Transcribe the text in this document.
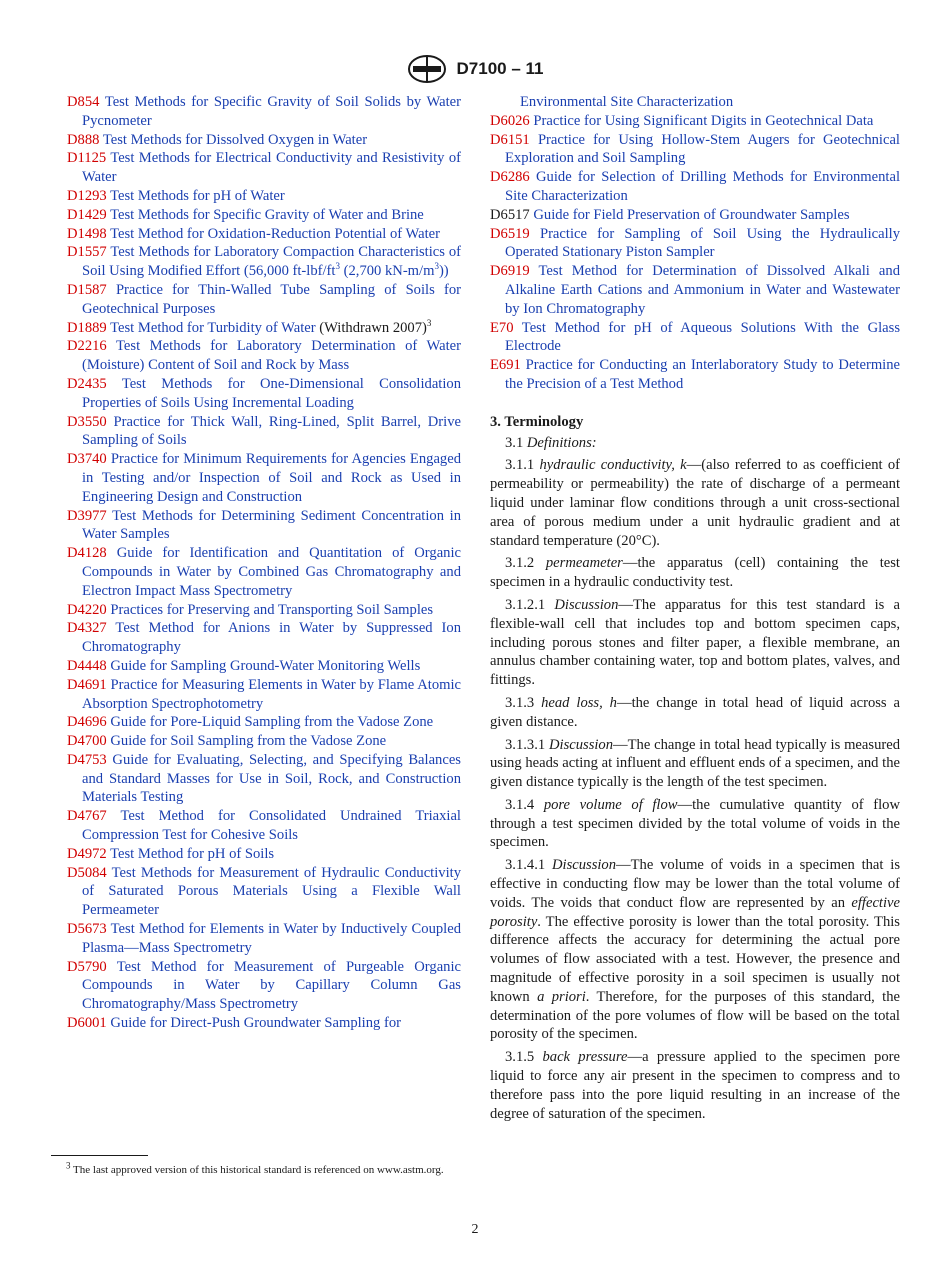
D7100 – 11

D854 Test Methods for Specific Gravity of Soil Solids by Water Pycnometer

D888 Test Methods for Dissolved Oxygen in Water

D1125 Test Methods for Electrical Conductivity and Resistivity of Water

D1293 Test Methods for pH of Water

D1429 Test Methods for Specific Gravity of Water and Brine

D1498 Test Method for Oxidation-Reduction Potential of Water

D1557 Test Methods for Laboratory Compaction Characteristics of Soil Using Modified Effort (56,000 $ft-lbf/ft^3$ (2,700 $kN-m/m^3$))

D1587 Practice for Thin-Walled Tube Sampling of Soils for Geotechnical Purposes

D1889 Test Method for Turbidity of Water (Withdrawn 2007)$^3$

D2216 Test Methods for Laboratory Determination of Water (Moisture) Content of Soil and Rock by Mass

D2435 Test Methods for One-Dimensional Consolidation Properties of Soils Using Incremental Loading

D3550 Practice for Thick Wall, Ring-Lined, Split Barrel, Drive Sampling of Soils

D3740 Practice for Minimum Requirements for Agencies Engaged in Testing and/or Inspection of Soil and Rock as Used in Engineering Design and Construction

D3977 Test Methods for Determining Sediment Concentration in Water Samples

D4128 Guide for Identification and Quantitation of Organic Compounds in Water by Combined Gas Chromatography and Electron Impact Mass Spectrometry

D4220 Practices for Preserving and Transporting Soil Samples

D4327 Test Method for Anions in Water by Suppressed Ion Chromatography

D4448 Guide for Sampling Ground-Water Monitoring Wells

D4691 Practice for Measuring Elements in Water by Flame Atomic Absorption Spectrophotometry

D4696 Guide for Pore-Liquid Sampling from the Vadose Zone

D4700 Guide for Soil Sampling from the Vadose Zone

D4753 Guide for Evaluating, Selecting, and Specifying Balances and Standard Masses for Use in Soil, Rock, and Construction Materials Testing

D4767 Test Method for Consolidated Undrained Triaxial Compression Test for Cohesive Soils

D4972 Test Method for pH of Soils

D5084 Test Methods for Measurement of Hydraulic Conductivity of Saturated Porous Materials Using a Flexible Wall Permeameter

D5673 Test Method for Elements in Water by Inductively Coupled Plasma—Mass Spectrometry

D5790 Test Method for Measurement of Purgeable Organic Compounds in Water by Capillary Column Gas Chromatography/Mass Spectrometry

D6001 Guide for Direct-Push Groundwater Sampling for

Environmental Site Characterization

D6026 Practice for Using Significant Digits in Geotechnical Data

D6151 Practice for Using Hollow-Stem Augers for Geotechnical Exploration and Soil Sampling

D6286 Guide for Selection of Drilling Methods for Environmental Site Characterization

D6517 Guide for Field Preservation of Groundwater Samples

D6519 Practice for Sampling of Soil Using the Hydraulically Operated Stationary Piston Sampler

D6919 Test Method for Determination of Dissolved Alkali and Alkaline Earth Cations and Ammonium in Water and Wastewater by Ion Chromatography

E70 Test Method for pH of Aqueous Solutions With the Glass Electrode

E691 Practice for Conducting an Interlaboratory Study to Determine the Precision of a Test Method

3. Terminology

3.1 Definitions:

3.1.1 hydraulic conductivity, k—(also referred to as coefficient of permeability or permeability) the rate of discharge of a permeant liquid under laminar flow conditions through a unit cross-sectional area of porous medium under a unit hydraulic gradient and at standard temperature (20°C).

3.1.2 permeameter—the apparatus (cell) containing the test specimen in a hydraulic conductivity test.

3.1.2.1 Discussion—The apparatus for this test standard is a flexible-wall cell that includes top and bottom specimen caps, including porous stones and filter paper, a flexible membrane, an annulus chamber containing water, top and bottom plates, valves, and fittings.

3.1.3 head loss, h—the change in total head of liquid across a given distance.

3.1.3.1 Discussion—The change in total head typically is measured using heads acting at influent and effluent ends of a specimen, and the given distance typically is the length of the test specimen.

3.1.4 pore volume of flow—the cumulative quantity of flow through a test specimen divided by the total volume of voids in the specimen.

3.1.4.1 Discussion—The volume of voids in a specimen that is effective in conducting flow may be lower than the total volume of voids. The voids that conduct flow are represented by an effective porosity. The effective porosity is lower than the total porosity. This difference affects the accuracy for determining the actual pore volumes of flow associated with a test. However, the presence and magnitude of effective porosity in a soil specimen is usually not known a priori. Therefore, for the purposes of this standard, the determination of the pore volumes of flow will be based on the total porosity of the specimen.

3.1.5 back pressure—a pressure applied to the specimen pore liquid to force any air present in the specimen to compress and to therefore pass into the pore liquid resulting in an increase of the degree of saturation of the specimen.

$^3$ The last approved version of this historical standard is referenced on www.astm.org.
2
